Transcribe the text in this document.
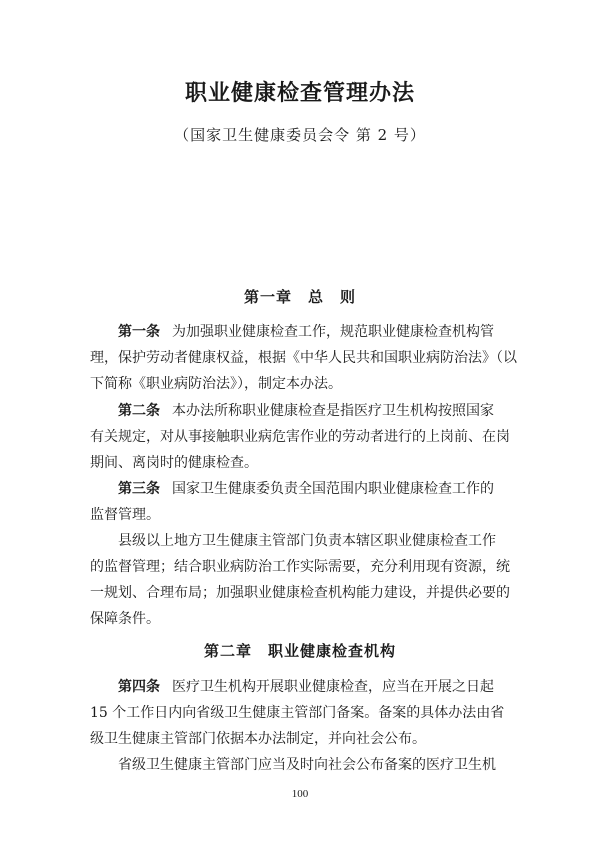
职业健康检查管理办法
（国家卫生健康委员会令 第 2 号）
第一章 总　则
第一条 为加强职业健康检查工作，规范职业健康检查机构管
理，保护劳动者健康权益，根据《中华人民共和国职业病防治法》（以
下简称《职业病防治法》），制定本办法。
第二条 本办法所称职业健康检查是指医疗卫生机构按照国家
有关规定，对从事接触职业病危害作业的劳动者进行的上岗前、在岗
期间、离岗时的健康检查。
第三条 国家卫生健康委负责全国范围内职业健康检查工作的
监督管理。
县级以上地方卫生健康主管部门负责本辖区职业健康检查工作
的监督管理；结合职业病防治工作实际需要，充分利用现有资源，统
一规划、合理布局；加强职业健康检查机构能力建设，并提供必要的
保障条件。
第二章 职业健康检查机构
第四条 医疗卫生机构开展职业健康检查，应当在开展之日起
15 个工作日内向省级卫生健康主管部门备案。备案的具体办法由省
级卫生健康主管部门依据本办法制定，并向社会公布。
省级卫生健康主管部门应当及时向社会公布备案的医疗卫生机
100
